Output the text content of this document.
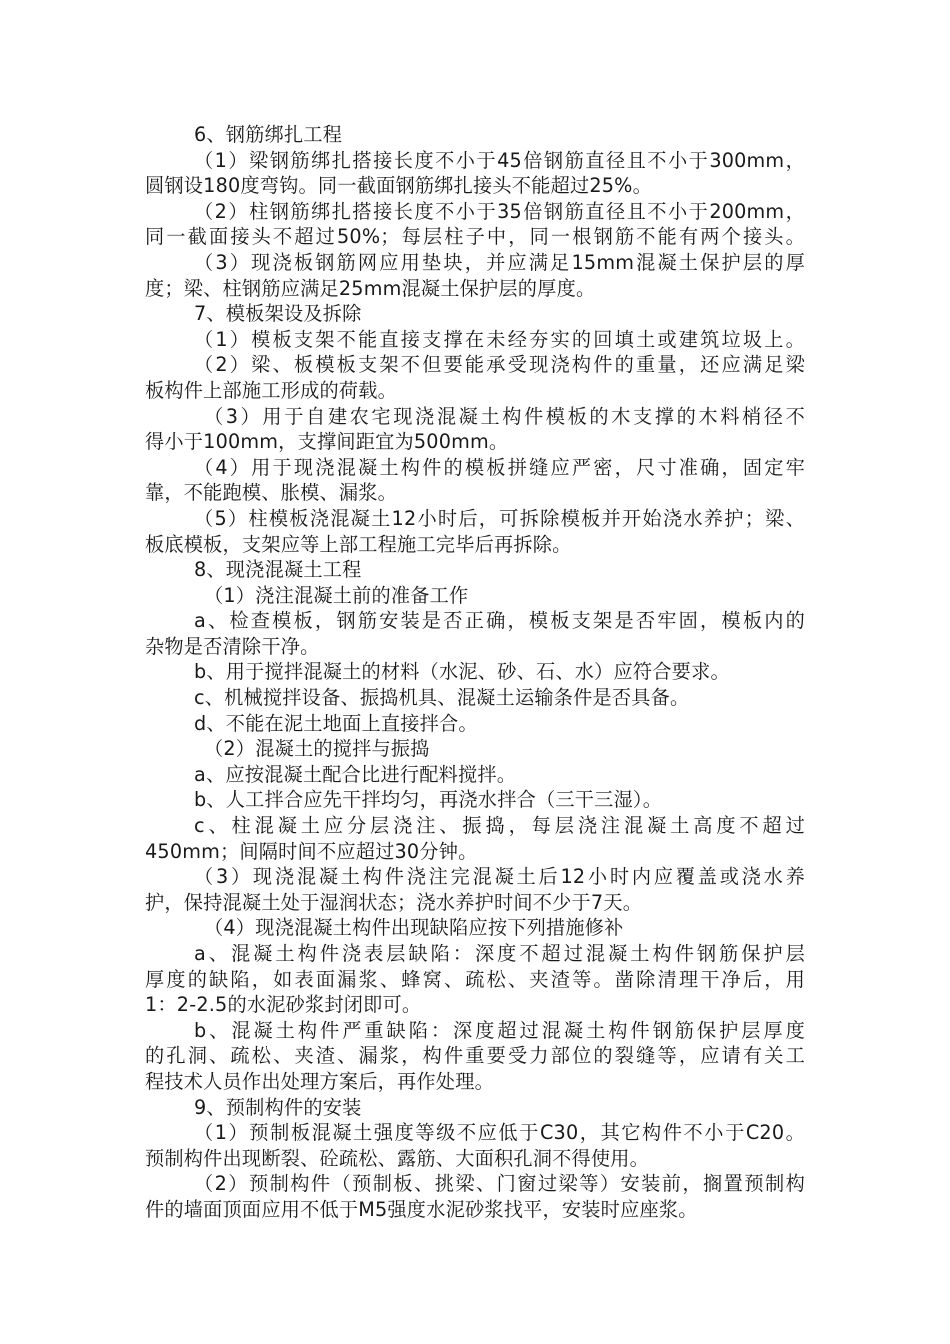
6、钢筋绑扎工程
（1）梁钢筋绑扎搭接长度不小于45倍钢筋直径且不小于300mm，
圆钢设180度弯钩。同一截面钢筋绑扎接头不能超过25%。
（2）柱钢筋绑扎搭接长度不小于35倍钢筋直径且不小于200mm，
同一截面接头不超过50%；每层柱子中，同一根钢筋不能有两个接头。
（3）现浇板钢筋网应用垫块，并应满足15mm混凝土保护层的厚
度；梁、柱钢筋应满足25mm混凝土保护层的厚度。
7、模板架设及拆除
（1）模板支架不能直接支撑在未经夯实的回填土或建筑垃圾上。
（2）梁、板模板支架不但要能承受现浇构件的重量，还应满足梁
板构件上部施工形成的荷载。
（3）用于自建农宅现浇混凝土构件模板的木支撑的木料梢径不
得小于100mm，支撑间距宜为500mm。
（4）用于现浇混凝土构件的模板拼缝应严密，尺寸准确，固定牢
靠，不能跑模、胀模、漏浆。
（5）柱模板浇混凝土12小时后，可拆除模板并开始浇水养护；梁、
板底模板，支架应等上部工程施工完毕后再拆除。
8、现浇混凝土工程
（1）浇注混凝土前的准备工作
a、检查模板，钢筋安装是否正确，模板支架是否牢固，模板内的
杂物是否清除干净。
b、用于搅拌混凝土的材料（水泥、砂、石、水）应符合要求。
c、机械搅拌设备、振捣机具、混凝土运输条件是否具备。
d、不能在泥土地面上直接拌合。
（2）混凝土的搅拌与振捣
a、应按混凝土配合比进行配料搅拌。
b、人工拌合应先干拌均匀，再浇水拌合（三干三湿）。
c、柱混凝土应分层浇注、振捣，每层浇注混凝土高度不超过
450mm；间隔时间不应超过30分钟。
（3）现浇混凝土构件浇注完混凝土后12小时内应覆盖或浇水养
护，保持混凝土处于湿润状态；浇水养护时间不少于7天。
（4）现浇混凝土构件出现缺陷应按下列措施修补
a、混凝土构件浇表层缺陷：深度不超过混凝土构件钢筋保护层
厚度的缺陷，如表面漏浆、蜂窝、疏松、夹渣等。凿除清理干净后，用
1：2-2.5的水泥砂浆封闭即可。
b、混凝土构件严重缺陷：深度超过混凝土构件钢筋保护层厚度
的孔洞、疏松、夹渣、漏浆，构件重要受力部位的裂缝等，应请有关工
程技术人员作出处理方案后，再作处理。
9、预制构件的安装
（1）预制板混凝土强度等级不应低于C30，其它构件不小于C20。
预制构件出现断裂、砼疏松、露筋、大面积孔洞不得使用。
（2）预制构件（预制板、挑梁、门窗过梁等）安装前，搁置预制构
件的墙面顶面应用不低于M5强度水泥砂浆找平，安装时应座浆。
